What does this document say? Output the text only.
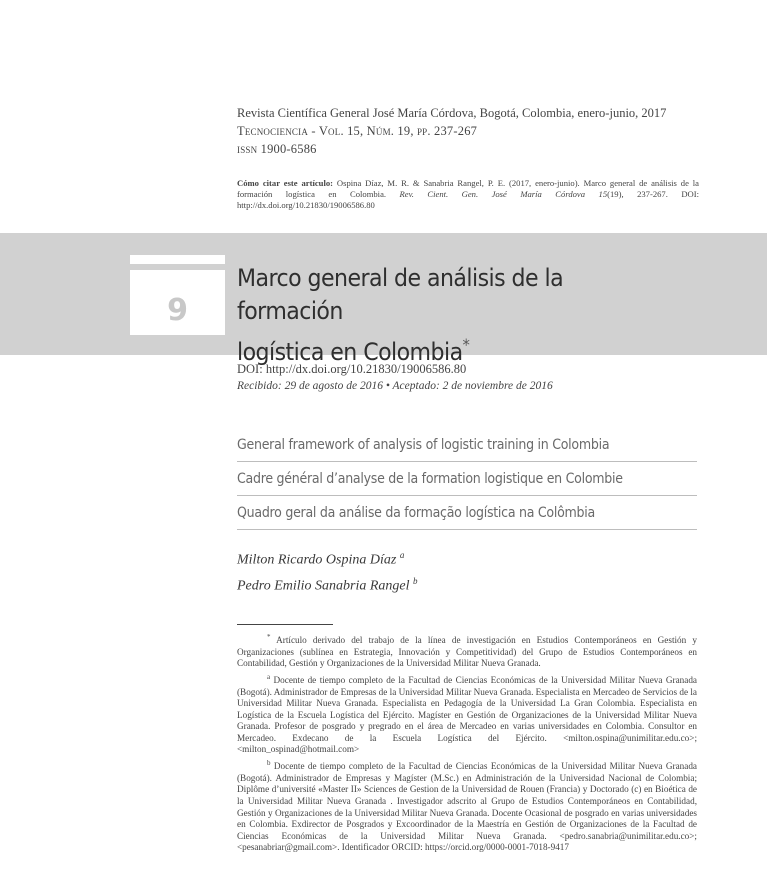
Revista Científica General José María Córdova, Bogotá, Colombia, enero-junio, 2017
Tecnociencia - Vol. 15, Núm. 19, pp. 237-267
issn 1900-6586
Cómo citar este artículo: Ospina Díaz, M. R. & Sanabria Rangel, P. E. (2017, enero-junio). Marco general de análisis de la formación logística en Colombia. Rev. Cient. Gen. José María Córdova 15(19), 237-267. DOI: http://dx.doi.org/10.21830/19006586.80
9
Marco general de análisis de la formación
logística en Colombia*
DOI: http://dx.doi.org/10.21830/19006586.80
Recibido: 29 de agosto de 2016 • Aceptado: 2 de noviembre de 2016
General framework of analysis of logistic training in Colombia
Cadre général d’analyse de la formation logistique en Colombie
Quadro geral da análise da formação logística na Colômbia
Milton Ricardo Ospina Díaz $^a$
Pedro Emilio Sanabria Rangel $^b$

* Artículo derivado del trabajo de la línea de investigación en Estudios Contemporáneos en Gestión y Organizaciones (sublínea en Estrategia, Innovación y Competitividad) del Grupo de Estudios Contemporáneos en Contabilidad, Gestión y Organizaciones de la Universidad Militar Nueva Granada.

$^a$ Docente de tiempo completo de la Facultad de Ciencias Económicas de la Universidad Militar Nueva Granada (Bogotá). Administrador de Empresas de la Universidad Militar Nueva Granada. Especialista en Mercadeo de Servicios de la Universidad Militar Nueva Granada. Especialista en Pedagogía de la Universidad La Gran Colombia. Especialista en Logística de la Escuela Logística del Ejército. Magíster en Gestión de Organizaciones de la Universidad Militar Nueva Granada. Profesor de posgrado y pregrado en el área de Mercadeo en varias universidades en Colombia. Consultor en Mercadeo. Exdecano de la Escuela Logística del Ejército. <milton.ospina@unimilitar.edu.co>; <milton_ospinad@hotmail.com>

$^b$ Docente de tiempo completo de la Facultad de Ciencias Económicas de la Universidad Militar Nueva Granada (Bogotá). Administrador de Empresas y Magíster (M.Sc.) en Administración de la Universidad Nacional de Colombia; Diplôme d’université «Master II» Sciences de Gestion de la Universidad de Rouen (Francia) y Doctorado (c) en Bioética de la Universidad Militar Nueva Granada . Investigador adscrito al Grupo de Estudios Contemporáneos en Contabilidad, Gestión y Organizaciones de la Universidad Militar Nueva Granada. Docente Ocasional de posgrado en varias universidades en Colombia. Exdirector de Posgrados y Excoordinador de la Maestría en Gestión de Organizaciones de la Facultad de Ciencias Económicas de la Universidad Militar Nueva Granada. <pedro.sanabria@unimilitar.edu.co>; <pesanabriar@gmail.com>. Identificador ORCID: https://orcid.org/0000-0001-7018-9417
